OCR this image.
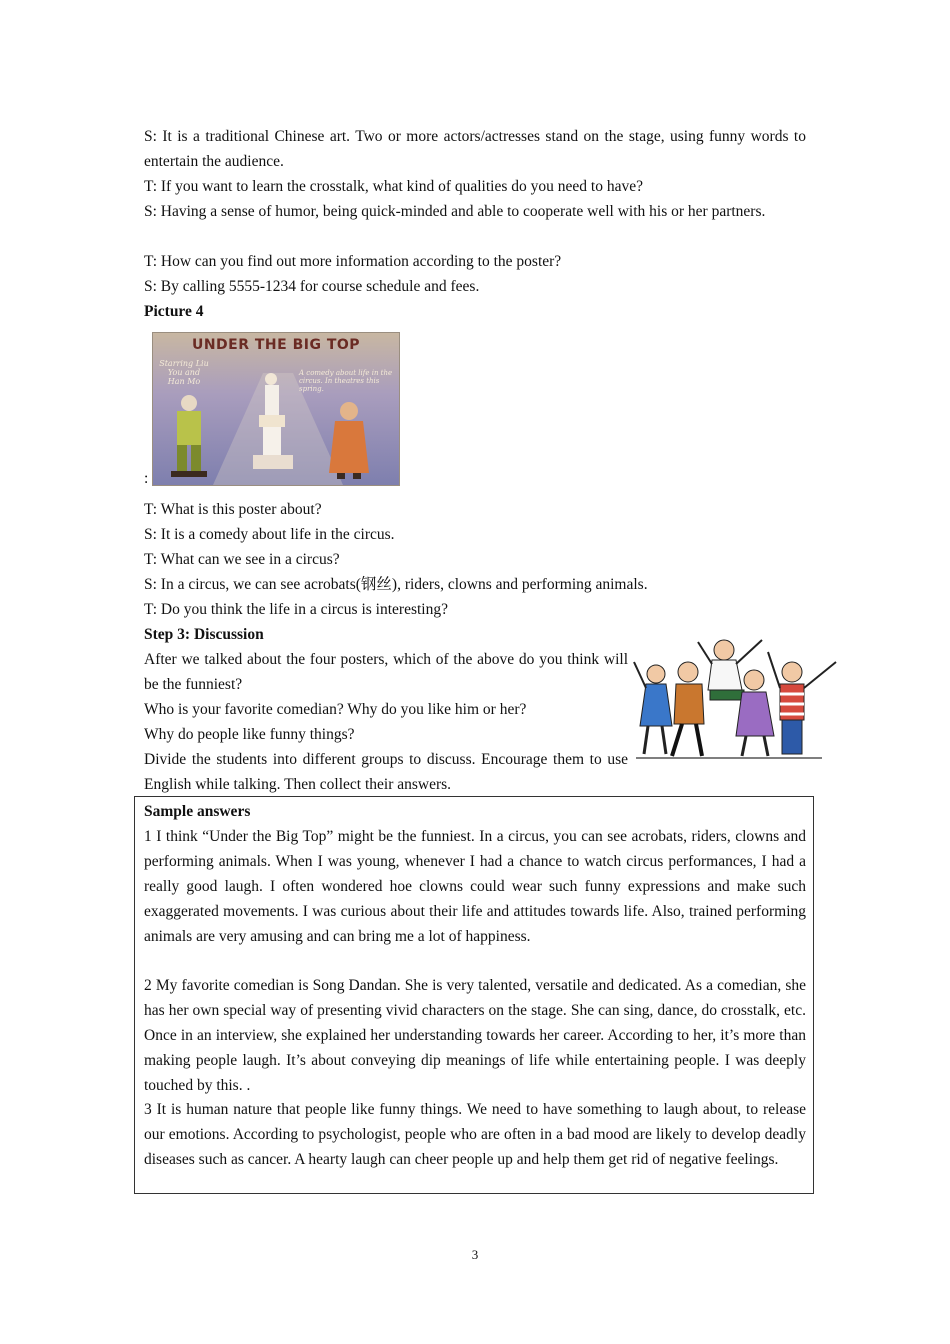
S: It is a traditional Chinese art. Two or more actors/actresses stand on the stage, using funny words to entertain the audience.

T: If you want to learn the crosstalk, what kind of qualities do you need to have?

S: Having a sense of humor, being quick-minded and able to cooperate well with his or her partners.

T: How can you find out more information according to the poster?

S: By calling 5555-1234 for course schedule and fees.

Picture 4

UNDER THE BIG TOP
Starring Liu You and Han Mo
A comedy about life in the circus. In theatres this spring.
:

T: What is this poster about?

S: It is a comedy about life in the circus.

T: What can we see in a circus?

S: In a circus, we can see acrobats(钢丝), riders, clowns and performing animals.

T: Do you think the life in a circus is interesting?

Step 3: Discussion

After we talked about the four posters, which of the above do you think will be the funniest?

Who is your favorite comedian? Why do you like him or her?

Why do people like funny things?

Divide the students into different groups to discuss. Encourage them to use English while talking. Then collect their answers.

Sample answers

1 I think “Under the Big Top” might be the funniest. In a circus, you can see acrobats, riders, clowns and performing animals. When I was young, whenever I had a chance to watch circus performances, I had a really good laugh. I often wondered hoe clowns could wear such funny expressions and make such exaggerated movements. I was curious about their life and attitudes towards life. Also, trained performing animals are very amusing and can bring me a lot of happiness.

2 My favorite comedian is Song Dandan. She is very talented, versatile and dedicated. As a comedian, she has her own special way of presenting vivid characters on the stage. She can sing, dance, do crosstalk, etc. Once in an interview, she explained her understanding towards her career. According to her, it’s more than making people laugh. It’s about conveying dip meanings of life while entertaining people. I was deeply touched by this. .

3 It is human nature that people like funny things. We need to have something to laugh about, to release our emotions. According to psychologist, people who are often in a bad mood are likely to develop deadly diseases such as cancer. A hearty laugh can cheer people up and help them get rid of negative feelings.

3
